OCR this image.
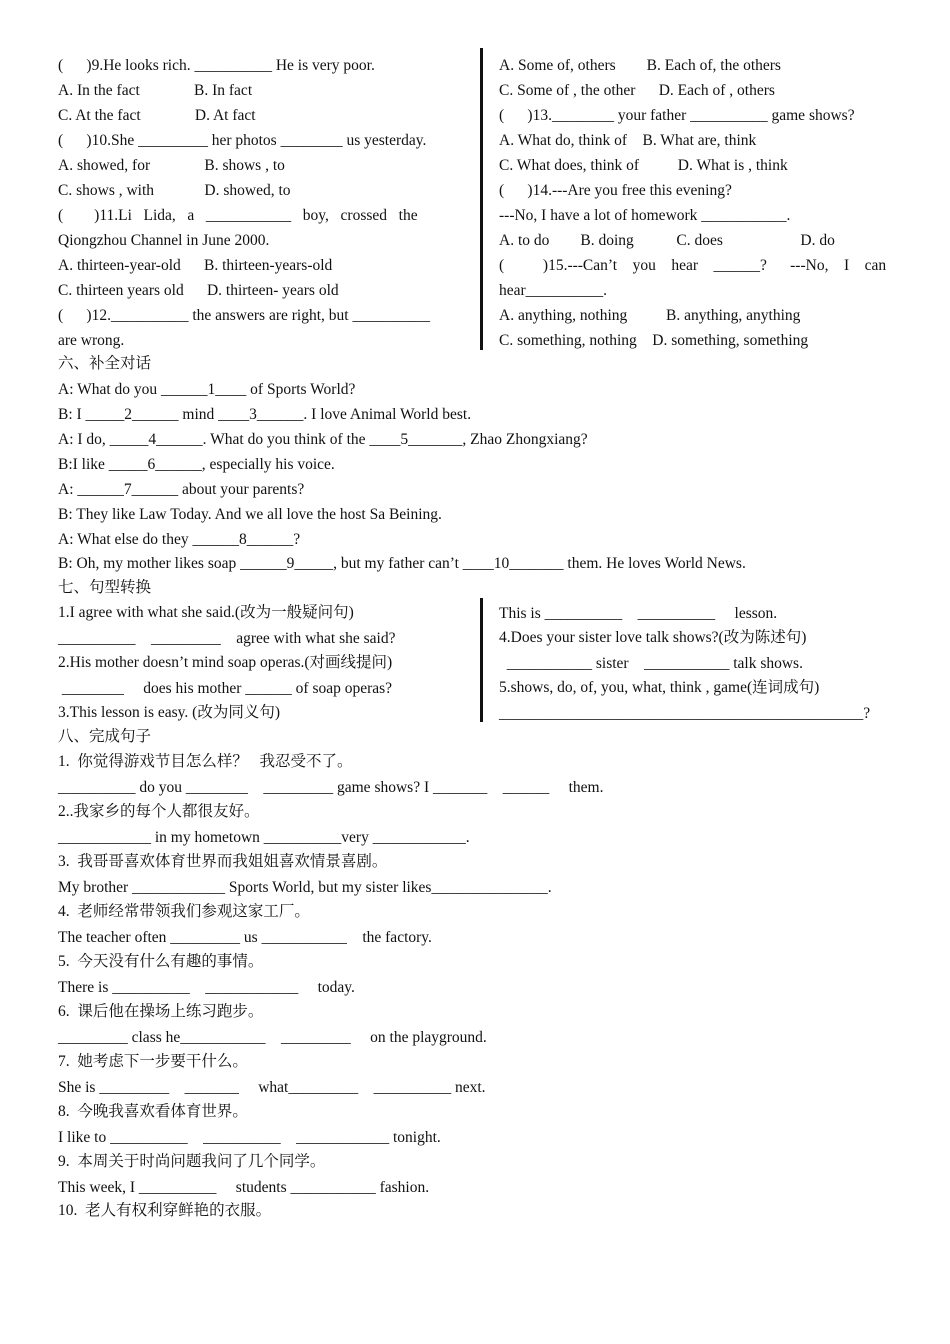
(      )9.He looks rich. __________ He is very poor.
A. In the fact              B. In fact
C. At the fact              D. At fact
(      )10.She _________ her photos ________ us yesterday.
A. showed, for              B. shows , to
C. shows , with             D. showed, to
(        )11.Li   Lida,   a   ___________   boy,   crossed   the
Qiongzhou Channel in June 2000.
A. thirteen-year-old      B. thirteen-years-old
C. thirteen years old      D. thirteen- years old
(      )12.__________ the answers are right, but __________
are wrong.
A. Some of, others        B. Each of, the others
C. Some of , the other      D. Each of , others
(      )13.________ your father __________ game shows?
A. What do, think of    B. What are, think
C. What does, think of          D. What is , think
(      )14.---Are you free this evening?
---No, I have a lot of homework ___________.
A. to do        B. doing           C. does                    D. do
(          )15.---Can’t    you    hear    ______?      ---No,    I    can
hear__________.
A. anything, nothing          B. anything, anything
C. something, nothing    D. something, something
六、补全对话
A: What do you ______1____ of Sports World?
B: I _____2______ mind ____3______. I love Animal World best.
A: I do, _____4______. What do you think of the ____5_______, Zhao Zhongxiang?
B:I like _____6______, especially his voice.
A: ______7______ about your parents?
B: They like Law Today. And we all love the host Sa Beining.
A: What else do they ______8______?
B: Oh, my mother likes soap ______9_____, but my father can’t ____10_______ them. He loves World News.
七、句型转换
1.I agree with what she said.(改为一般疑问句)
__________    _________    agree with what she said?
2.His mother doesn’t mind soap operas.(对画线提问)
________     does his mother ______ of soap operas?
3.This lesson is easy. (改为同义句)
This is __________    __________     lesson.
4.Does your sister love talk shows?(改为陈述句)
___________ sister    ___________ talk shows.
5.shows, do, of, you, what, think , game(连词成句)
_______________________________________________?
八、完成句子
1.  你觉得游戏节目怎么样？   我忍受不了。
__________ do you ________    _________ game shows? I _______    ______     them.
2..我家乡的每个人都很友好。
____________ in my hometown __________very ____________.
3.  我哥哥喜欢体育世界而我姐姐喜欢情景喜剧。
My brother ____________ Sports World, but my sister likes_______________.
4.  老师经常带领我们参观这家工厂。
The teacher often _________ us ___________    the factory.
5.  今天没有什么有趣的事情。
There is __________    ____________     today.
6.  课后他在操场上练习跑步。
_________ class he___________    _________     on the playground.
7.  她考虑下一步要干什么。
She is _________    _______     what_________    __________ next.
8.  今晚我喜欢看体育世界。
I like to __________    __________    ____________ tonight.
9.  本周关于时尚问题我问了几个同学。
This week, I __________     students ___________ fashion.
10.  老人有权利穿鲜艳的衣服。
